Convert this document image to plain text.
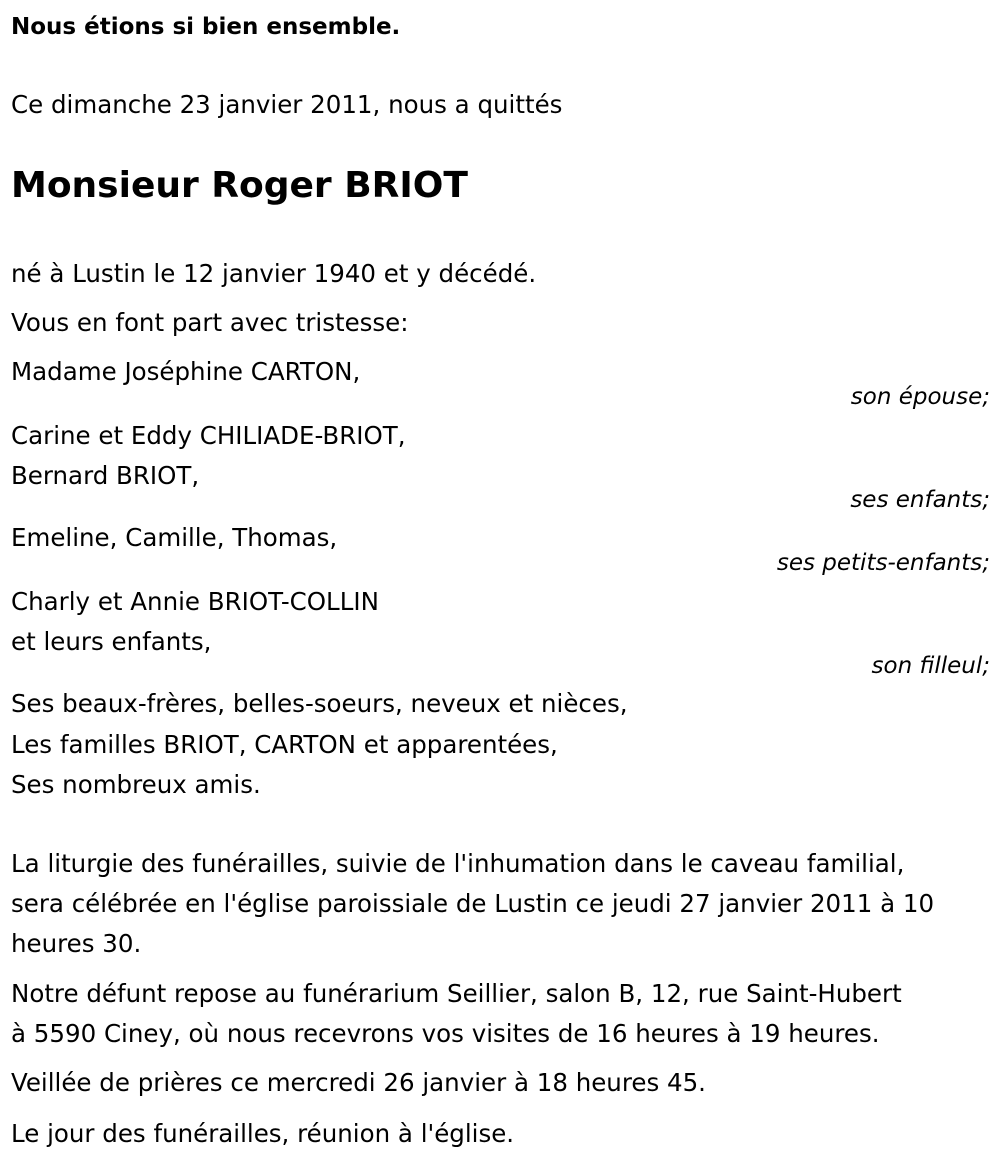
Nous étions si bien ensemble.

Ce dimanche 23 janvier 2011, nous a quittés

Monsieur Roger BRIOT

né à Lustin le 12 janvier 1940 et y décédé.

Vous en font part avec tristesse:

Madame Joséphine CARTON,

son épouse;

Carine et Eddy CHILIADE-BRIOT,

Bernard BRIOT,

ses enfants;

Emeline, Camille, Thomas,

ses petits-enfants;

Charly et Annie BRIOT-COLLIN

et leurs enfants,

son filleul;

Ses beaux-frères, belles-soeurs, neveux et nièces,

Les familles BRIOT, CARTON et apparentées,

Ses nombreux amis.

La liturgie des funérailles, suivie de l'inhumation dans le caveau familial,

sera célébrée en l'église paroissiale de Lustin ce jeudi 27 janvier 2011 à 10

heures 30.

Notre défunt repose au funérarium Seillier, salon B, 12, rue Saint-Hubert

à 5590 Ciney, où nous recevrons vos visites de 16 heures à 19 heures.

Veillée de prières ce mercredi 26 janvier à 18 heures 45.

Le jour des funérailles, réunion à l'église.
